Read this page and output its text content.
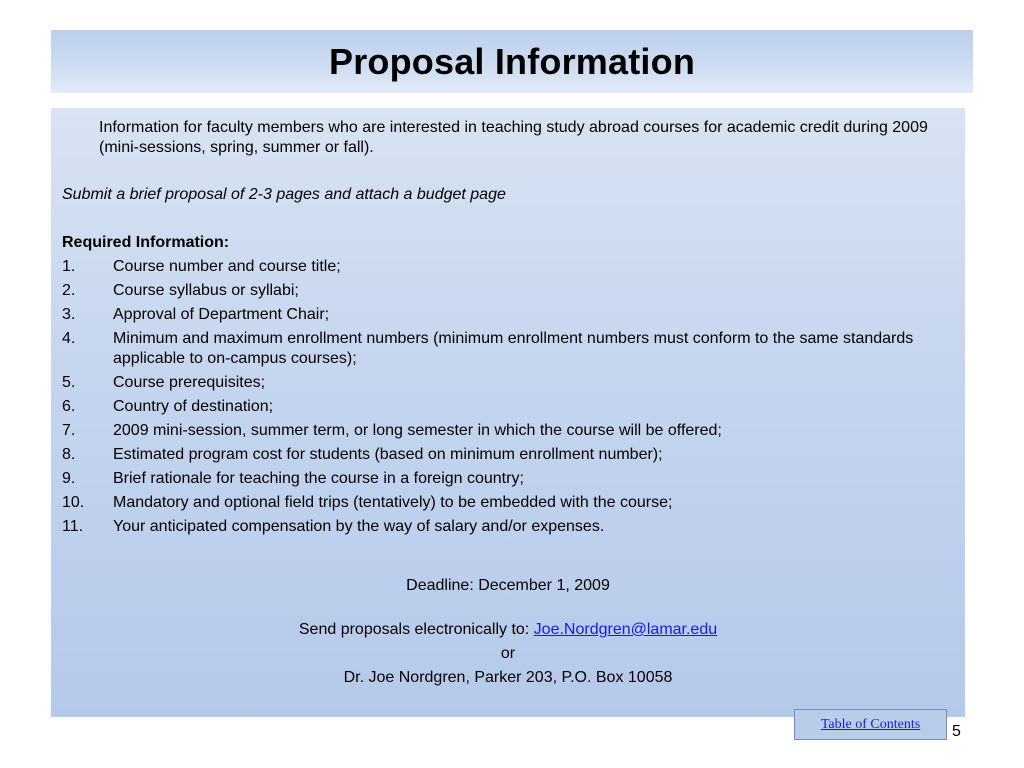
Proposal Information
Information for faculty members who are interested in teaching study abroad courses for academic credit during 2009 (mini-sessions, spring, summer or fall).
Submit a brief proposal of 2-3 pages and attach a budget page
Required Information:
1.	Course number and course title;
2.	Course syllabus or syllabi;
3.	Approval of Department Chair;
4.	Minimum and maximum enrollment numbers (minimum enrollment numbers must conform to the same standards applicable to on-campus courses);
5.	Course prerequisites;
6.	Country of destination;
7.	2009 mini-session, summer term, or long semester in which the course will be offered;
8.	Estimated program cost for students (based on minimum enrollment number);
9.	Brief rationale for teaching the course in a foreign country;
10.	Mandatory and optional field trips (tentatively) to be embedded with the course;
11.	Your anticipated compensation by the way of salary and/or expenses.
Deadline: December 1, 2009
Send proposals electronically to: Joe.Nordgren@lamar.edu
or
Dr. Joe Nordgren, Parker 203, P.O. Box 10058
Table of Contents 5
